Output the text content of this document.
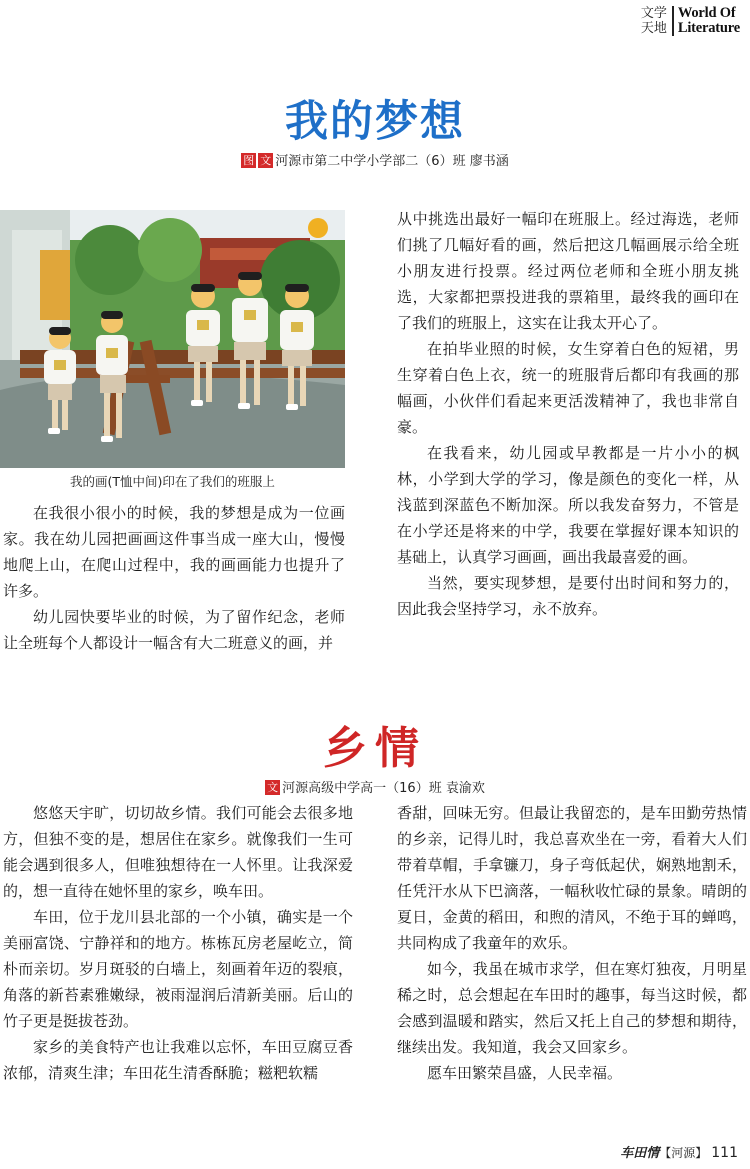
文学
天地
World Of
Literature
我的梦想
图 文 河源市第二中学小学部二（6）班 廖书涵
我的画(T恤中间)印在了我们的班服上

在我很小很小的时候，我的梦想是成为一位画家。我在幼儿园把画画这件事当成一座大山，慢慢地爬上山，在爬山过程中，我的画画能力也提升了许多。

幼儿园快要毕业的时候，为了留作纪念，老师让全班每个人都设计一幅含有大二班意义的画，并

从中挑选出最好一幅印在班服上。经过海选，老师们挑了几幅好看的画，然后把这几幅画展示给全班小朋友进行投票。经过两位老师和全班小朋友挑选，大家都把票投进我的票箱里，最终我的画印在了我们的班服上，这实在让我太开心了。

在拍毕业照的时候，女生穿着白色的短裙，男生穿着白色上衣，统一的班服背后都印有我画的那幅画，小伙伴们看起来更活泼精神了，我也非常自豪。

在我看来，幼儿园或早教都是一片小小的枫林，小学到大学的学习，像是颜色的变化一样，从浅蓝到深蓝色不断加深。所以我发奋努力，不管是在小学还是将来的中学，我要在掌握好课本知识的基础上，认真学习画画，画出我最喜爱的画。

当然，要实现梦想，是要付出时间和努力的，因此我会坚持学习，永不放弃。

乡情
文 河源高级中学高一（16）班 袁渝欢

悠悠天宇旷，切切故乡情。我们可能会去很多地方，但独不变的是，想居住在家乡。就像我们一生可能会遇到很多人，但唯独想待在一人怀里。让我深爱的，想一直待在她怀里的家乡，唤车田。

车田，位于龙川县北部的一个小镇，确实是一个美丽富饶、宁静祥和的地方。栋栋瓦房老屋屹立，简朴而亲切。岁月斑驳的白墙上，刻画着年迈的裂痕，角落的新苔素雅嫩绿，被雨湿润后清新美丽。后山的竹子更是挺拔苍劲。

家乡的美食特产也让我难以忘怀，车田豆腐豆香浓郁，清爽生津；车田花生清香酥脆；糍粑软糯

香甜，回味无穷。但最让我留恋的，是车田勤劳热情的乡亲，记得儿时，我总喜欢坐在一旁，看着大人们带着草帽，手拿镰刀，身子弯低起伏，娴熟地割禾，任凭汗水从下巴滴落，一幅秋收忙碌的景象。晴朗的夏日，金黄的稻田，和煦的清风，不绝于耳的蝉鸣，共同构成了我童年的欢乐。

如今，我虽在城市求学，但在寒灯独夜，月明星稀之时，总会想起在车田时的趣事，每当这时候，都会感到温暖和踏实，然后又托上自己的梦想和期待，继续出发。我知道，我会又回家乡。

愿车田繁荣昌盛，人民幸福。

车田情 【河源】 111
